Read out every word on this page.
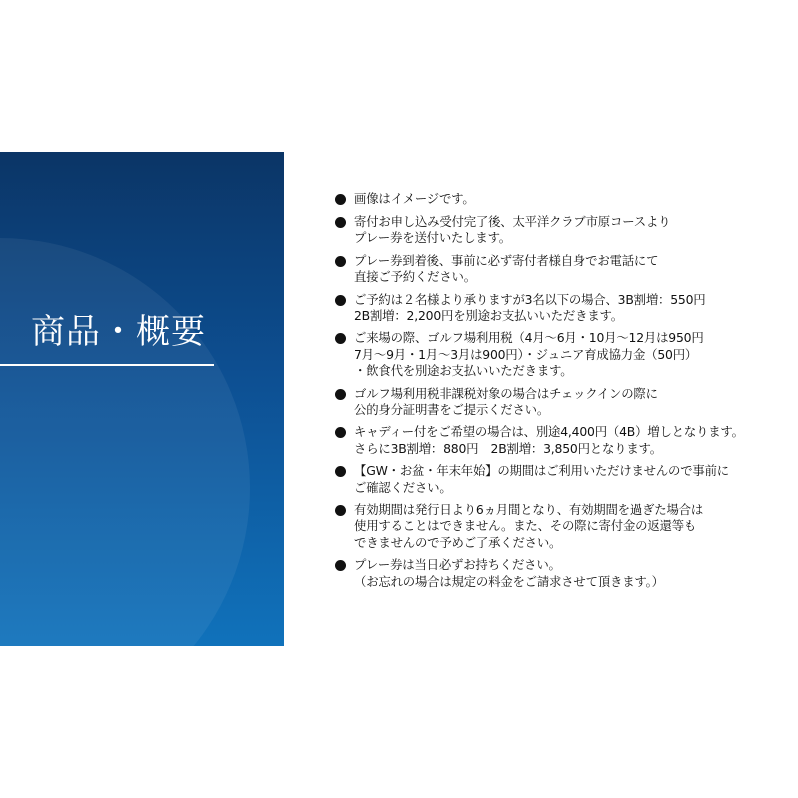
商品・概要
画像はイメージです。
寄付お申し込み受付完了後、太平洋クラブ市原コースより
プレー券を送付いたします。
プレー券到着後、事前に必ず寄付者様自身でお電話にて
直接ご予約ください。
ご予約は２名様より承りますが3名以下の場合、3B割増：550円
2B割増：2,200円を別途お支払いいただきます。
ご来場の際、ゴルフ場利用税（4月～6月・10月～12月は950円
7月～9月・1月～3月は900円）・ジュニア育成協力金（50円）
・飲食代を別途お支払いいただきます。
ゴルフ場利用税非課税対象の場合はチェックインの際に
公的身分証明書をご提示ください。
キャディー付をご希望の場合は、別途4,400円（4B）増しとなります。
さらに3B割増：880円　2B割増：3,850円となります。
【GW・お盆・年末年始】の期間はご利用いただけませんので事前に
ご確認ください。
有効期間は発行日より6ヵ月間となり、有効期間を過ぎた場合は
使用することはできません。また、その際に寄付金の返還等も
できませんので予めご了承ください。
プレー券は当日必ずお持ちください。
（お忘れの場合は規定の料金をご請求させて頂きます。）
